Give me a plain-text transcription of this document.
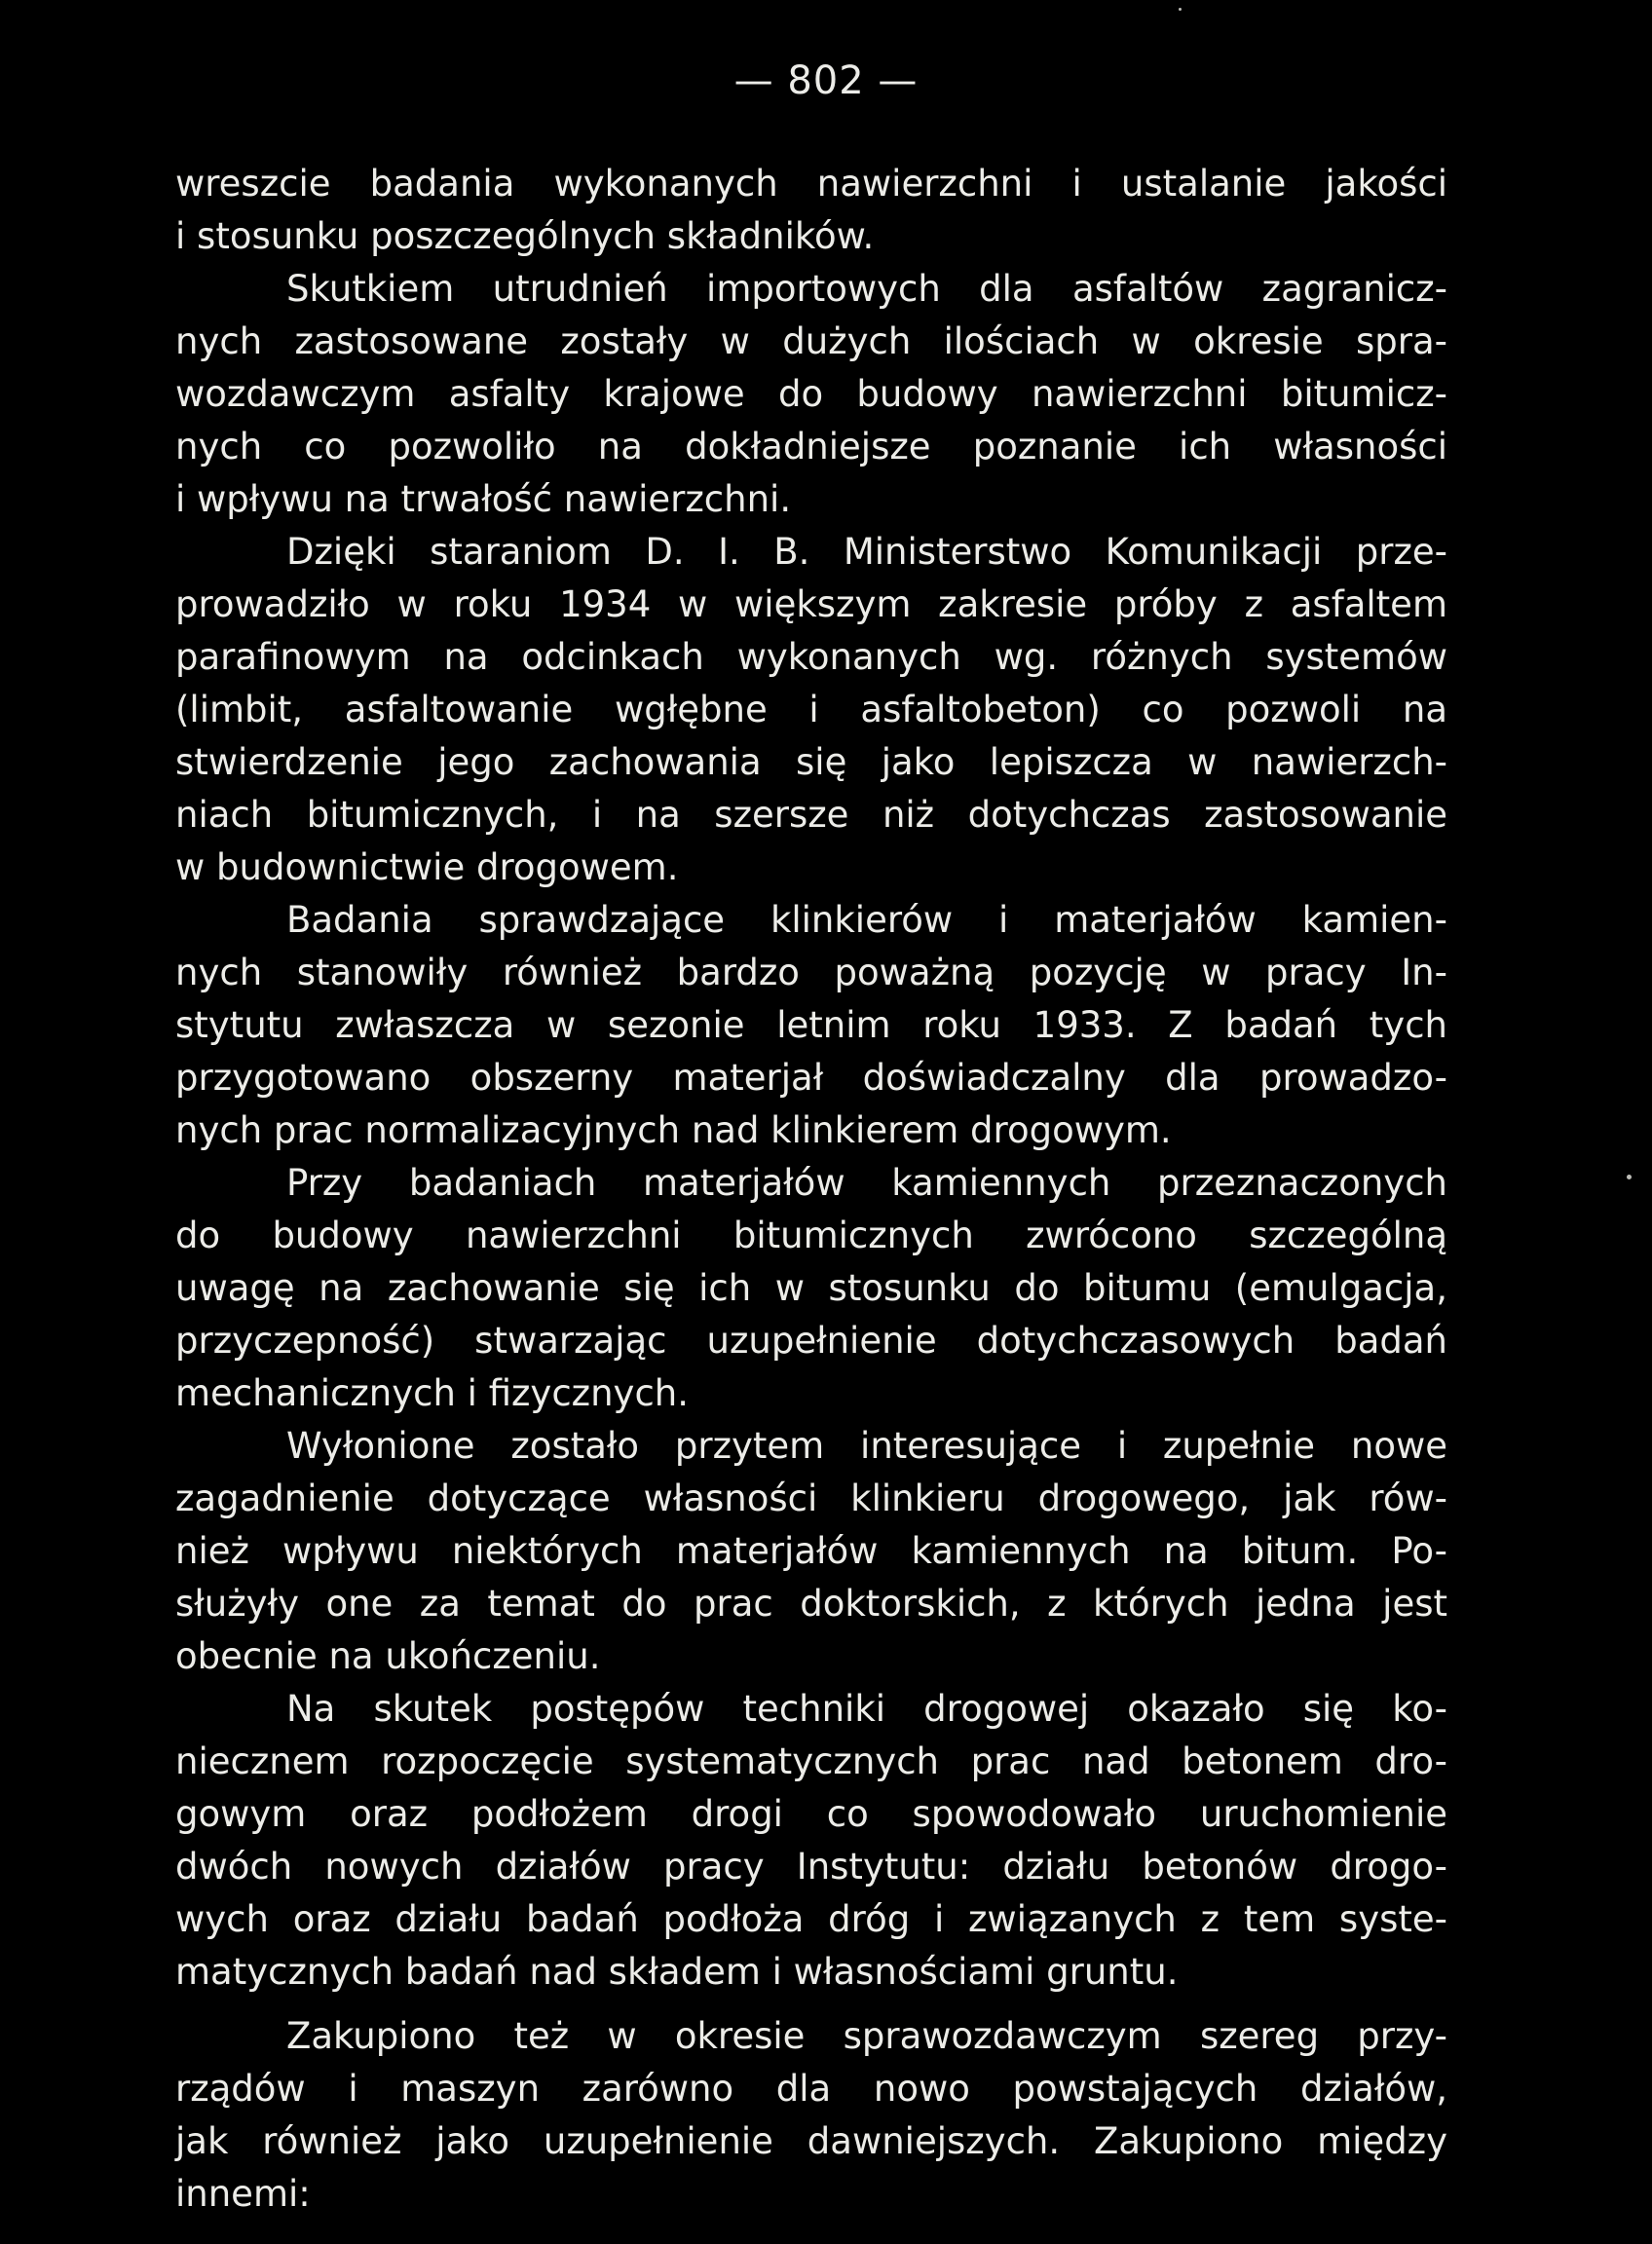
— 802 —
wreszcie badania wykonanych nawierzchni i ustalanie jakości
i stosunku poszczególnych składników.
Skutkiem utrudnień importowych dla asfaltów zagranicz-
nych zastosowane zostały w dużych ilościach w okresie spra-
wozdawczym asfalty krajowe do budowy nawierzchni bitumicz-
nych co pozwoliło na dokładniejsze poznanie ich własności
i wpływu na trwałość nawierzchni.
Dzięki staraniom D. I. B. Ministerstwo Komunikacji prze-
prowadziło w roku 1934 w większym zakresie próby z asfaltem
parafinowym na odcinkach wykonanych wg. różnych systemów
(limbit, asfaltowanie wgłębne i asfaltobeton) co pozwoli na
stwierdzenie jego zachowania się jako lepiszcza w nawierzch-
niach bitumicznych, i na szersze niż dotychczas zastosowanie
w budownictwie drogowem.
Badania sprawdzające klinkierów i materjałów kamien-
nych stanowiły również bardzo poważną pozycję w pracy In-
stytutu zwłaszcza w sezonie letnim roku 1933. Z badań tych
przygotowano obszerny materjał doświadczalny dla prowadzo-
nych prac normalizacyjnych nad klinkierem drogowym.
Przy badaniach materjałów kamiennych przeznaczonych
do budowy nawierzchni bitumicznych zwrócono szczególną
uwagę na zachowanie się ich w stosunku do bitumu (emulgacja,
przyczepność) stwarzając uzupełnienie dotychczasowych badań
mechanicznych i fizycznych.
Wyłonione zostało przytem interesujące i zupełnie nowe
zagadnienie dotyczące własności klinkieru drogowego, jak rów-
nież wpływu niektórych materjałów kamiennych na bitum. Po-
służyły one za temat do prac doktorskich, z których jedna jest
obecnie na ukończeniu.
Na skutek postępów techniki drogowej okazało się ko-
niecznem rozpoczęcie systematycznych prac nad betonem dro-
gowym oraz podłożem drogi co spowodowało uruchomienie
dwóch nowych działów pracy Instytutu: działu betonów drogo-
wych oraz działu badań podłoża dróg i związanych z tem syste-
matycznych badań nad składem i własnościami gruntu.
Zakupiono też w okresie sprawozdawczym szereg przy-
rządów i maszyn zarówno dla nowo powstających działów,
jak również jako uzupełnienie dawniejszych. Zakupiono między
innemi:
